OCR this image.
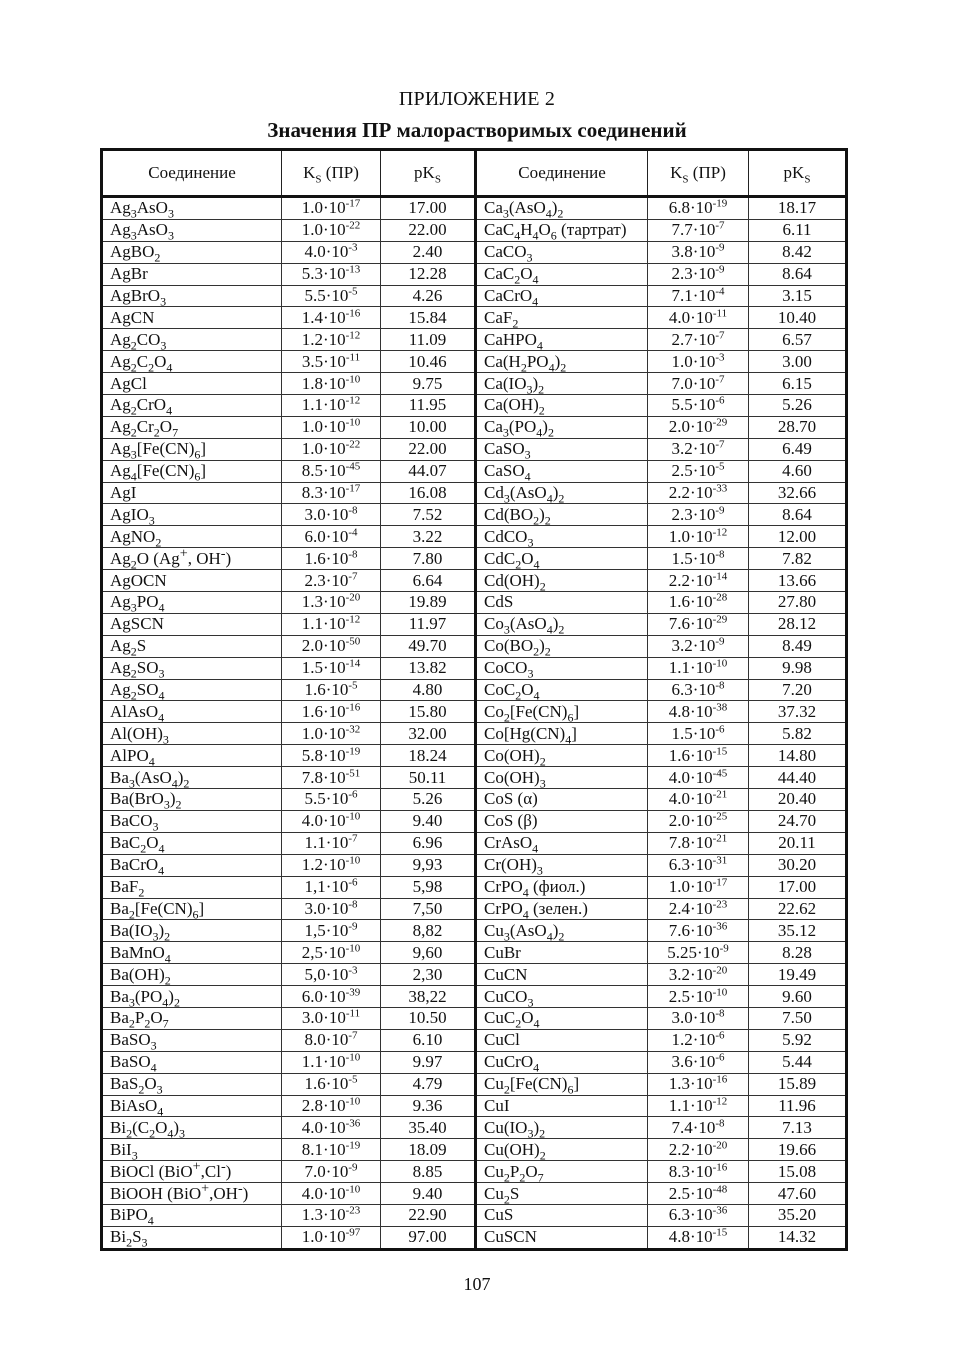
ПРИЛОЖЕНИЕ 2
Значения ПР малорастворимых соединений
Соединение	$K_S$ (ПР)	$pK_S$	Соединение	$K_S$ (ПР)	$pK_S$
$Ag_3AsO_3$	$1.0\cdot 10^{-17}$	17.00	$Ca_3(AsO_4)_2$	$6.8\cdot 10^{-19}$	18.17
$Ag_3AsO_3$	$1.0\cdot 10^{-22}$	22.00	$CaC_4H_4O_6$ (тартрат)	$7.7\cdot 10^{-7}$	6.11
AgBO$_2$	$4.0\cdot 10^{-3}$	2.40	CaCO$_3$	$3.8\cdot 10^{-9}$	8.42
AgBr	$5.3\cdot 10^{-13}$	12.28	$CaC_2O_4$	$2.3\cdot 10^{-9}$	8.64
AgBrO$_3$	$5.5\cdot 10^{-5}$	4.26	CaCrO$_4$	$7.1\cdot 10^{-4}$	3.15
AgCN	$1.4\cdot 10^{-16}$	15.84	CaF$_2$	$4.0\cdot 10^{-11}$	10.40
$Ag_2CO_3$	$1.2\cdot 10^{-12}$	11.09	CaHPO$_4$	$2.7\cdot 10^{-7}$	6.57
$Ag_2C_2O_4$	$3.5\cdot 10^{-11}$	10.46	$Ca(H_2PO_4)_2$	$1.0\cdot 10^{-3}$	3.00
AgCl	$1.8\cdot 10^{-10}$	9.75	$Ca(IO_3)_2$	$7.0\cdot 10^{-7}$	6.15
$Ag_2CrO_4$	$1.1\cdot 10^{-12}$	11.95	$Ca(OH)_2$	$5.5\cdot 10^{-6}$	5.26
$Ag_2Cr_2O_7$	$1.0\cdot 10^{-10}$	10.00	$Ca_3(PO_4)_2$	$2.0\cdot 10^{-29}$	28.70
$Ag_3[Fe(CN)_6]$	$1.0\cdot 10^{-22}$	22.00	CaSO$_3$	$3.2\cdot 10^{-7}$	6.49
$Ag_4[Fe(CN)_6]$	$8.5\cdot 10^{-45}$	44.07	CaSO$_4$	$2.5\cdot 10^{-5}$	4.60
AgI	$8.3\cdot 10^{-17}$	16.08	$Cd_3(AsO_4)_2$	$2.2\cdot 10^{-33}$	32.66
AgIO$_3$	$3.0\cdot 10^{-8}$	7.52	$Cd(BO_2)_2$	$2.3\cdot 10^{-9}$	8.64
AgNO$_2$	$6.0\cdot 10^{-4}$	3.22	CdCO$_3$	$1.0\cdot 10^{-12}$	12.00
$Ag_2O$ (Ag+, OH-)	$1.6\cdot 10^{-8}$	7.80	$CdC_2O_4$	$1.5\cdot 10^{-8}$	7.82
AgOCN	$2.3\cdot 10^{-7}$	6.64	$Cd(OH)_2$	$2.2\cdot 10^{-14}$	13.66
$Ag_3PO_4$	$1.3\cdot 10^{-20}$	19.89	CdS	$1.6\cdot 10^{-28}$	27.80
AgSCN	$1.1\cdot 10^{-12}$	11.97	$Co_3(AsO_4)_2$	$7.6\cdot 10^{-29}$	28.12
$Ag_2S$	$2.0\cdot 10^{-50}$	49.70	$Co(BO_2)_2$	$3.2\cdot 10^{-9}$	8.49
$Ag_2SO_3$	$1.5\cdot 10^{-14}$	13.82	CoCO$_3$	$1.1\cdot 10^{-10}$	9.98
$Ag_2SO_4$	$1.6\cdot 10^{-5}$	4.80	$CoC_2O_4$	$6.3\cdot 10^{-8}$	7.20
AlAsO$_4$	$1.6\cdot 10^{-16}$	15.80	$Co_2[Fe(CN)_6]$	$4.8\cdot 10^{-38}$	37.32
$Al(OH)_3$	$1.0\cdot 10^{-32}$	32.00	$Co[Hg(CN)_4]$	$1.5\cdot 10^{-6}$	5.82
AlPO$_4$	$5.8\cdot 10^{-19}$	18.24	$Co(OH)_2$	$1.6\cdot 10^{-15}$	14.80
$Ba_3(AsO_4)_2$	$7.8\cdot 10^{-51}$	50.11	$Co(OH)_3$	$4.0\cdot 10^{-45}$	44.40
$Ba(BrO_3)_2$	$5.5\cdot 10^{-6}$	5.26	CoS (α)	$4.0\cdot 10^{-21}$	20.40
BaCO$_3$	$4.0\cdot 10^{-10}$	9.40	CoS (β)	$2.0\cdot 10^{-25}$	24.70
$BaC_2O_4$	$1.1\cdot 10^{-7}$	6.96	CrAsO$_4$	$7.8\cdot 10^{-21}$	20.11
BaCrO$_4$	$1.2\cdot 10^{-10}$	9,93	$Cr(OH)_3$	$6.3\cdot 10^{-31}$	30.20
BaF$_2$	$1,1\cdot 10^{-6}$	5,98	CrPO$_4$ (фиол.)	$1.0\cdot 10^{-17}$	17.00
$Ba_2[Fe(CN)_6]$	$3.0\cdot 10^{-8}$	7,50	CrPO$_4$ (зелен.)	$2.4\cdot 10^{-23}$	22.62
$Ba(IO_3)_2$	$1,5\cdot 10^{-9}$	8,82	$Cu_3(AsO_4)_2$	$7.6\cdot 10^{-36}$	35.12
BaMnO$_4$	$2,5\cdot 10^{-10}$	9,60	CuBr	$5.25\cdot 10^{-9}$	8.28
$Ba(OH)_2$	$5,0\cdot 10^{-3}$	2,30	CuCN	$3.2\cdot 10^{-20}$	19.49
$Ba_3(PO_4)_2$	$6.0\cdot 10^{-39}$	38,22	CuCO$_3$	$2.5\cdot 10^{-10}$	9.60
$Ba_2P_2O_7$	$3.0\cdot 10^{-11}$	10.50	$CuC_2O_4$	$3.0\cdot 10^{-8}$	7.50
BaSO$_3$	$8.0\cdot 10^{-7}$	6.10	CuCl	$1.2\cdot 10^{-6}$	5.92
BaSO$_4$	$1.1\cdot 10^{-10}$	9.97	CuCrO$_4$	$3.6\cdot 10^{-6}$	5.44
$BaS_2O_3$	$1.6\cdot 10^{-5}$	4.79	$Cu_2[Fe(CN)_6]$	$1.3\cdot 10^{-16}$	15.89
BiAsO$_4$	$2.8\cdot 10^{-10}$	9.36	CuI	$1.1\cdot 10^{-12}$	11.96
$Bi_2(C_2O_4)_3$	$4.0\cdot 10^{-36}$	35.40	$Cu(IO_3)_2$	$7.4\cdot 10^{-8}$	7.13
BiI$_3$	$8.1\cdot 10^{-19}$	18.09	$Cu(OH)_2$	$2.2\cdot 10^{-20}$	19.66
BiOCl (BiO+,Cl-)	$7.0\cdot 10^{-9}$	8.85	$Cu_2P_2O_7$	$8.3\cdot 10^{-16}$	15.08
BiOOH (BiO+,OH-)	$4.0\cdot 10^{-10}$	9.40	$Cu_2S$	$2.5\cdot 10^{-48}$	47.60
BiPO$_4$	$1.3\cdot 10^{-23}$	22.90	CuS	$6.3\cdot 10^{-36}$	35.20
$Bi_2S_3$	$1.0\cdot 10^{-97}$	97.00	CuSCN	$4.8\cdot 10^{-15}$	14.32
107
